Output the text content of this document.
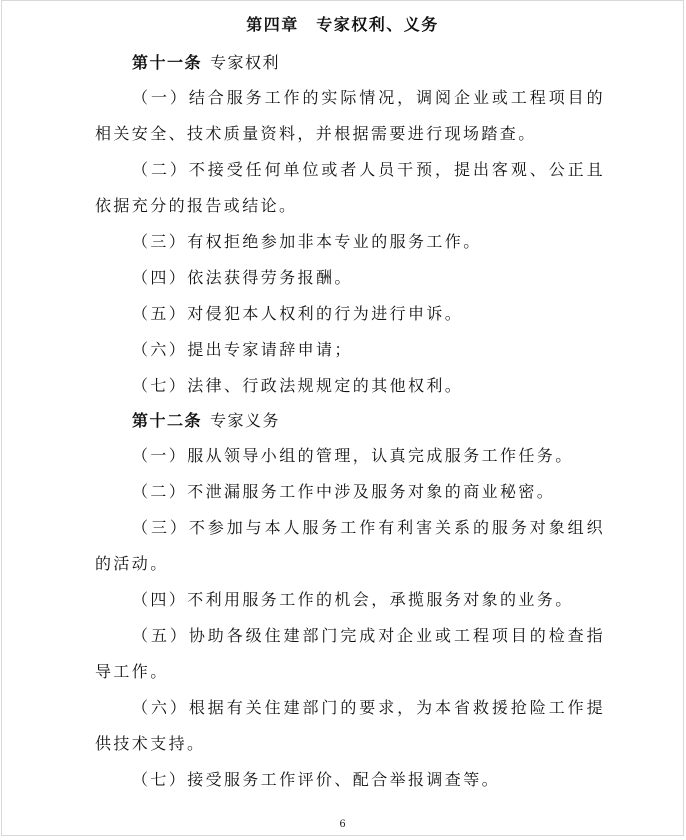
第四章　专家权利、义务
第十一条 专家权利

（一）结合服务工作的实际情况，调阅企业或工程项目的相关安全、技术质量资料，并根据需要进行现场踏查。

（二）不接受任何单位或者人员干预，提出客观、公正且依据充分的报告或结论。

（三）有权拒绝参加非本专业的服务工作。

（四）依法获得劳务报酬。

（五）对侵犯本人权利的行为进行申诉。

（六）提出专家请辞申请；

（七）法律、行政法规规定的其他权利。

第十二条 专家义务

（一）服从领导小组的管理，认真完成服务工作任务。

（二）不泄漏服务工作中涉及服务对象的商业秘密。

（三）不参加与本人服务工作有利害关系的服务对象组织的活动。

（四）不利用服务工作的机会，承揽服务对象的业务。

（五）协助各级住建部门完成对企业或工程项目的检查指导工作。

（六）根据有关住建部门的要求，为本省救援抢险工作提供技术支持。

（七）接受服务工作评价、配合举报调查等。

6
